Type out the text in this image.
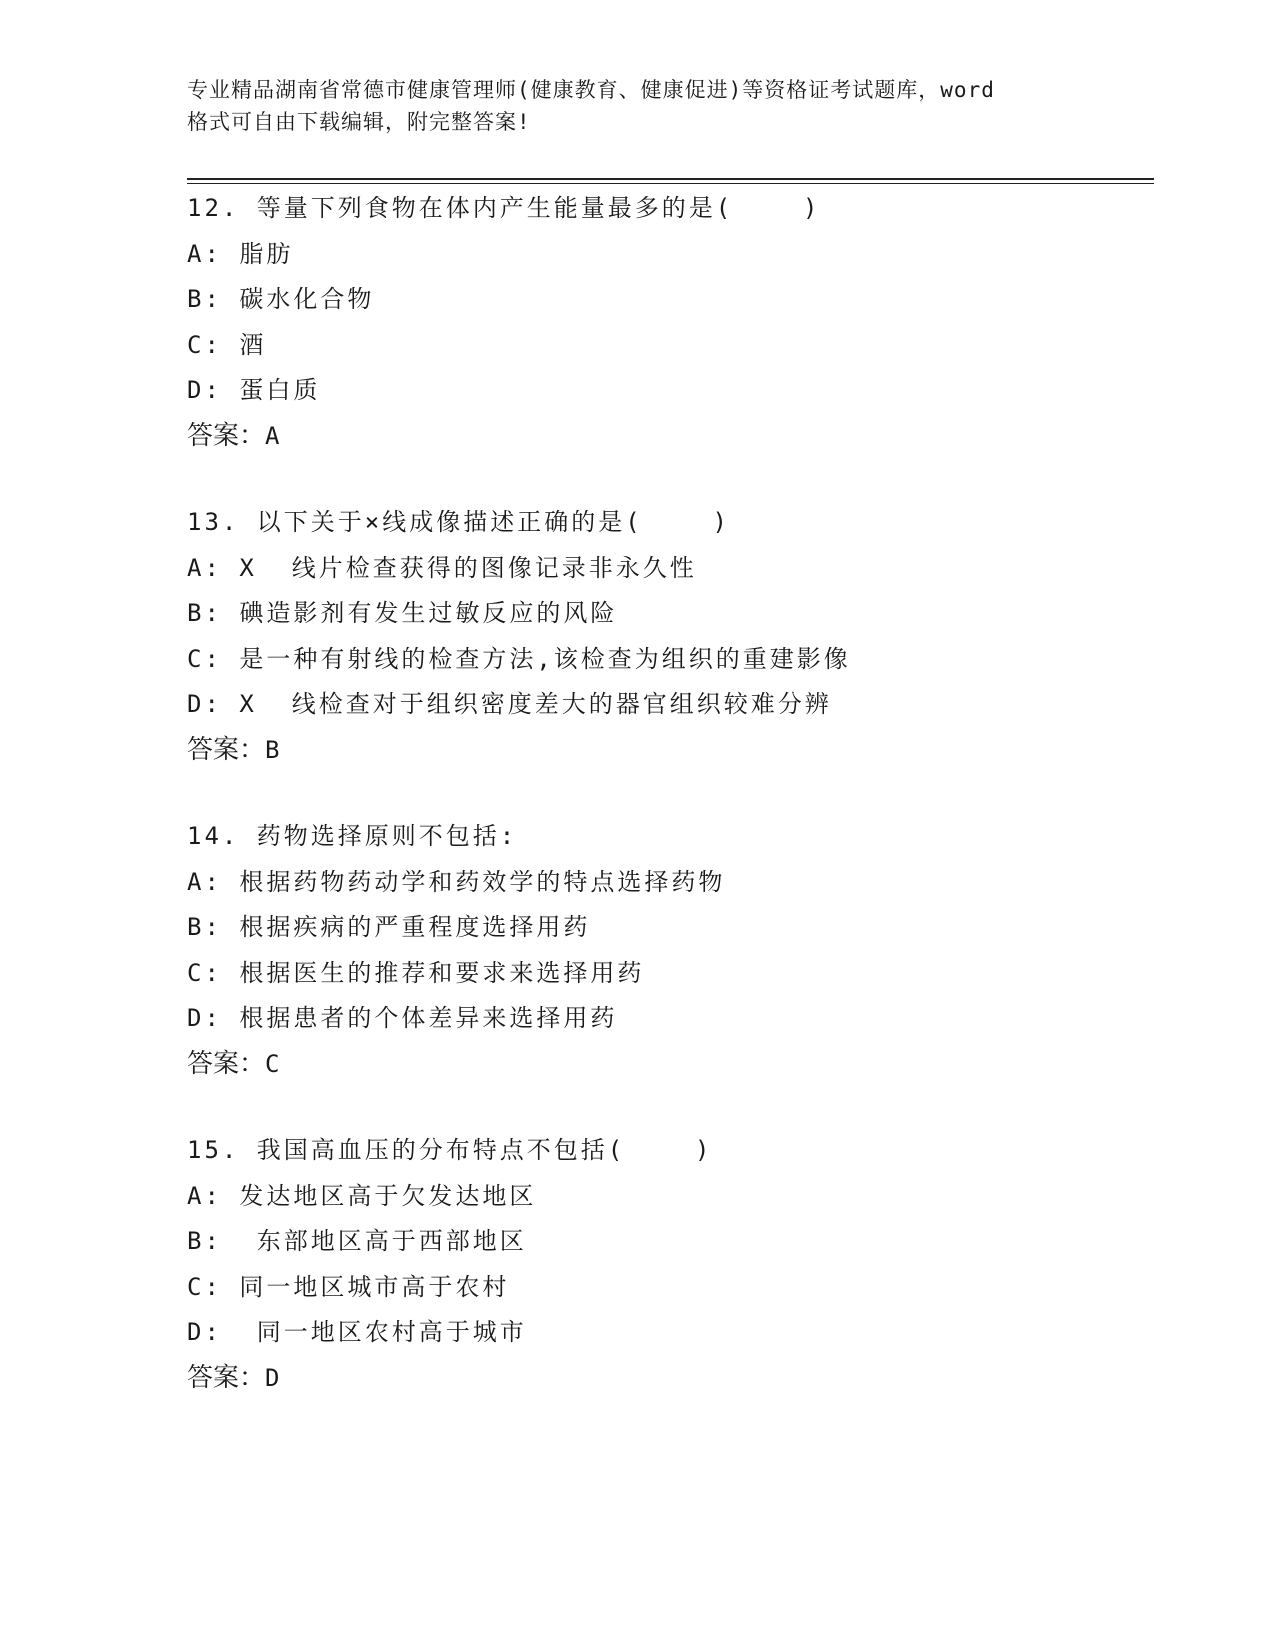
专业精品湖南省常德市健康管理师(健康教育、健康促进)等资格证考试题库，word
格式可自由下载编辑，附完整答案!
12. 等量下列食物在体内产生能量最多的是(    )
A: 脂肪
B: 碳水化合物
C: 酒
D: 蛋白质
答案：A
13. 以下关于×线成像描述正确的是(    )
A: X  线片检查获得的图像记录非永久性
B: 碘造影剂有发生过敏反应的风险
C: 是一种有射线的检查方法,该检查为组织的重建影像
D: X  线检查对于组织密度差大的器官组织较难分辨
答案：B
14. 药物选择原则不包括:
A: 根据药物药动学和药效学的特点选择药物
B: 根据疾病的严重程度选择用药
C: 根据医生的推荐和要求来选择用药
D: 根据患者的个体差异来选择用药
答案：C
15. 我国高血压的分布特点不包括(    )
A: 发达地区高于欠发达地区
B:  东部地区高于西部地区
C: 同一地区城市高于农村
D:  同一地区农村高于城市
答案：D
